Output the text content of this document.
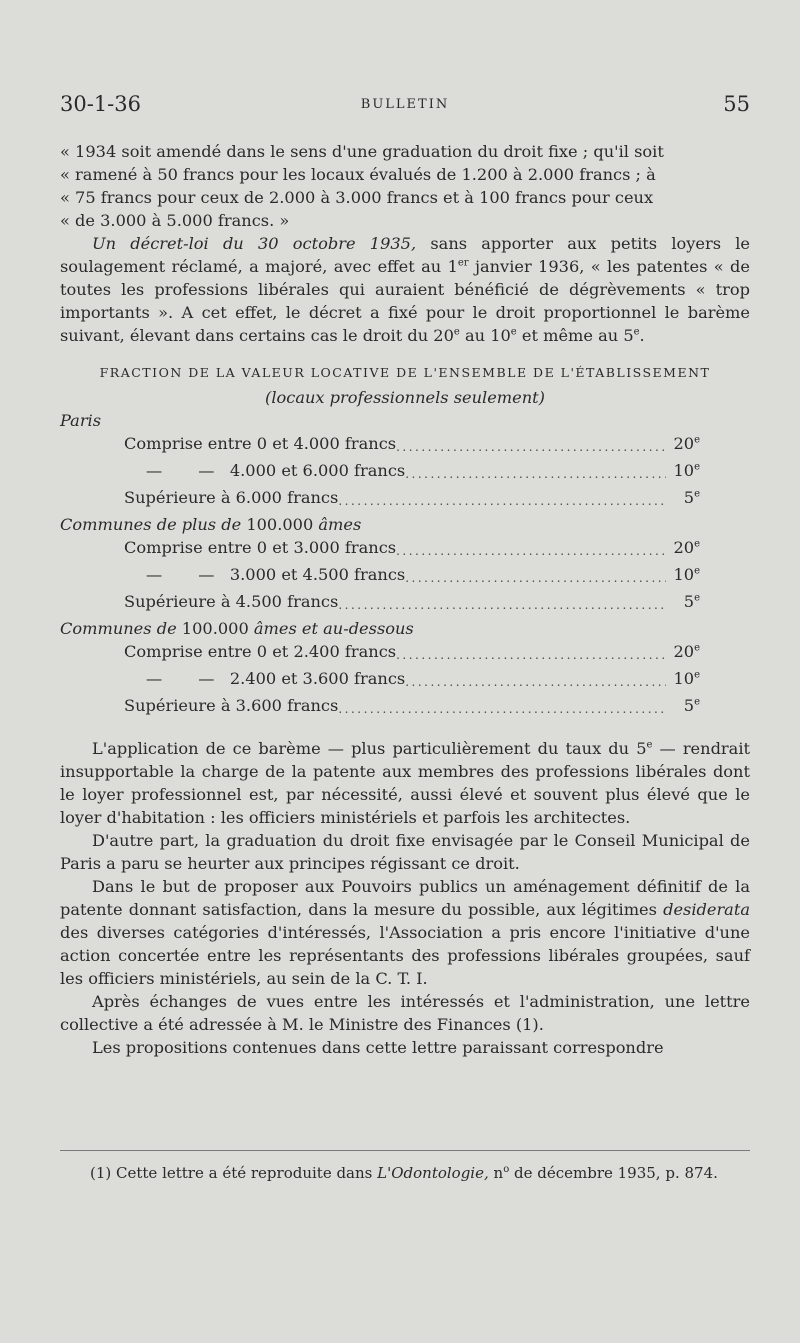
30-1-36	BULLETIN	55

« 1934 soit amendé dans le sens d'une graduation du droit fixe ; qu'il soit

« ramené à 50 francs pour les locaux évalués de 1.200 à 2.000 francs ; à

« 75 francs pour ceux de 2.000 à 3.000 francs et à 100 francs pour ceux

« de 3.000 à 5.000 francs. »

Un décret-loi du 30 octobre 1935, sans apporter aux petits loyers le soulagement réclamé, a majoré, avec effet au 1er janvier 1936, « les patentes « de toutes les professions libérales qui auraient bénéficié de dégrèvements « trop importants ». A cet effet, le décret a fixé pour le droit proportionnel le barème suivant, élevant dans certains cas le droit du 20e au 10e et même au 5e.

FRACTION DE LA VALEUR LOCATIVE DE L'ENSEMBLE DE L'ÉTABLISSEMENT
(locaux professionnels seulement)

Paris

Comprise entre 0 et 4.000 francs .....	20e
—       —   4.000 et 6.000 francs .....	10e
Supérieure à 6.000 francs .....	5e

Communes de plus de 100.000 âmes

Comprise entre 0 et 3.000 francs .....	20e
—       —   3.000 et 4.500 francs .....	10e
Supérieure à 4.500 francs .....	5e

Communes de 100.000 âmes et au-dessous

Comprise entre 0 et 2.400 francs .....	20e
—       —   2.400 et 3.600 francs .....	10e
Supérieure à 3.600 francs .....	5e

L'application de ce barème — plus particulièrement du taux du 5e — rendrait insupportable la charge de la patente aux membres des professions libérales dont le loyer professionnel est, par nécessité, aussi élevé et souvent plus élevé que le loyer d'habitation : les officiers ministériels et parfois les architectes.

D'autre part, la graduation du droit fixe envisagée par le Conseil Municipal de Paris a paru se heurter aux principes régissant ce droit.

Dans le but de proposer aux Pouvoirs publics un aménagement définitif de la patente donnant satisfaction, dans la mesure du possible, aux légitimes desiderata des diverses catégories d'intéressés, l'Association a pris encore l'initiative d'une action concertée entre les représentants des professions libérales groupées, sauf les officiers ministériels, au sein de la C. T. I.

Après échanges de vues entre les intéressés et l'administration, une lettre collective a été adressée à M. le Ministre des Finances (1).

Les propositions contenues dans cette lettre paraissant correspondre

(1) Cette lettre a été reproduite dans L'Odontologie, $n^o$ de décembre 1935, p. 874.
